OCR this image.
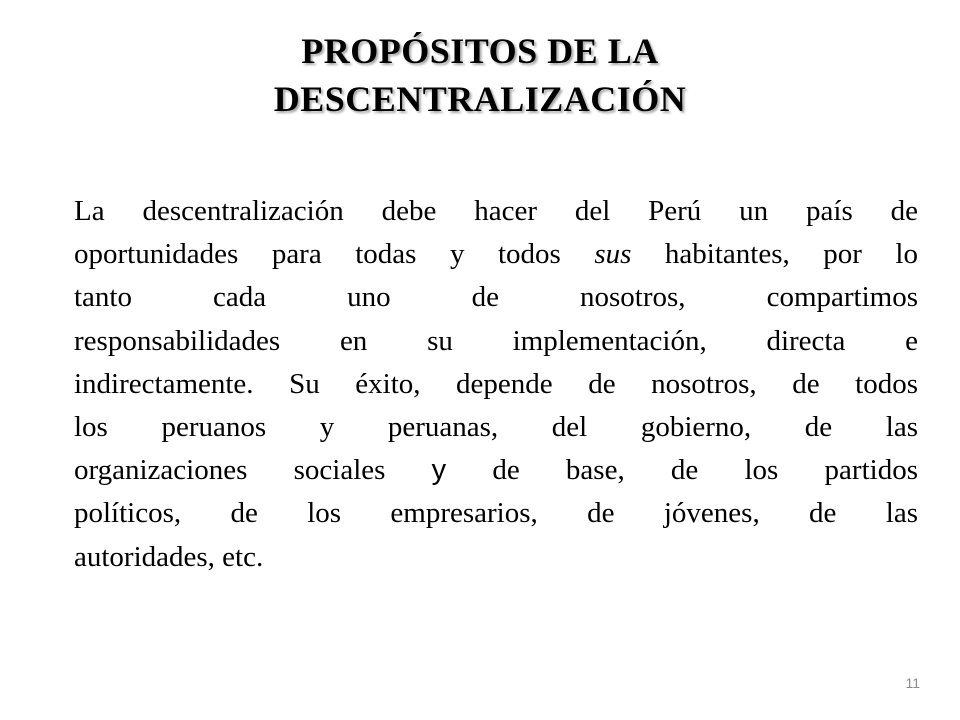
PROPÓSITOS DE LA
DESCENTRALIZACIÓN

La descentralización debe hacer del Perú un país de
oportunidades para todas y todos sus habitantes, por lo
tanto cada uno de nosotros, compartimos
responsabilidades en su implementación, directa e
indirectamente. Su éxito, depende de nosotros, de todos
los peruanos y peruanas, del gobierno, de las
organizaciones sociales y de base, de los partidos
políticos, de los empresarios, de jóvenes, de las
autoridades, etc.

11
